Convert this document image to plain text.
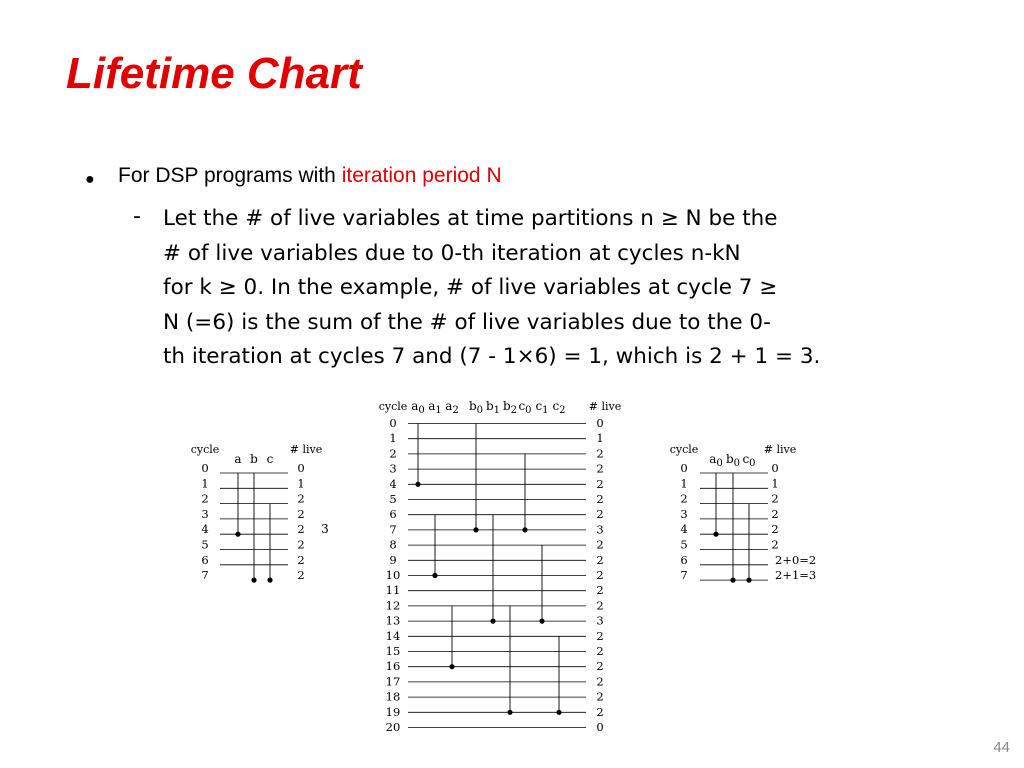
Lifetime Chart
● For DSP programs with iteration period N
- Let the # of live variables at time partitions n ≥ N be the
# of live variables due to 0-th iteration at cycles n-kN
for k ≥ 0. In the example, # of live variables at cycle 7 ≥
N (=6) is the sum of the # of live variables due to the 0-
th iteration at cycles 7 and (7 - 1×6) = 1, which is 2 + 1 = 3.

cycle	# live
a b c
0	0
1	1
2	2
3	2
4	2
5	2
6	2
7	2
3
cycle	# live
$a_0$ $a_1$ $a_2$ $b_0$ $b_1$ $b_2$ $c_0$ $c_1$ $c_2$
0	0
1	1
2	2
3	2
4	2
5	2
6	2
7	3
8	2
9	2
10	2
11	2
12	2
13	3
14	2
15	2
16	2
17	2
18	2
19	2
20	0
cycle	# live
$a_0$ $b_0$ $c_0$
0	0
1	1
2	2
3	2
4	2
5	2
6	2+0=2
7	2+1=3
44
